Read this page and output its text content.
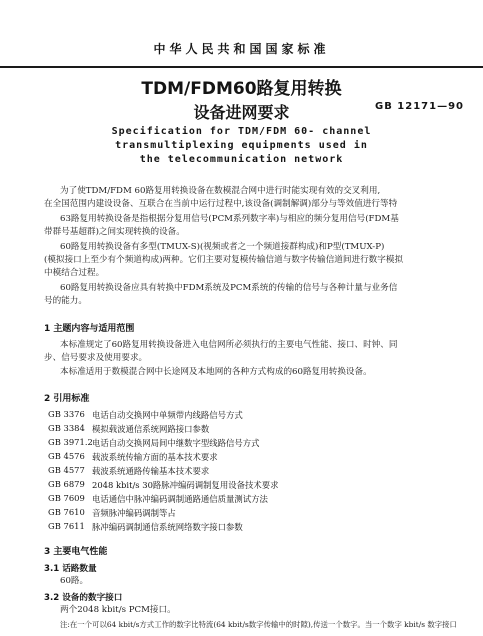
中华人民共和国国家标准
TDM/FDM60路复用转换
设备进网要求	GB 12171—90
Specification for TDM/FDM 60- channel
transmultiplexing equipments used in
the telecommunication network
为了使TDM/FDM 60路复用转换设备在数模混合网中进行时能实现有效的交叉利用,
在全国范围内建设设备、互联合在当前中运行过程中,该设备(调制解调)部分与等效值进行等特
63路复用转换设备是指根据分复用信号(PCM系列数字率)与相应的频分复用信号(FDM基
带群号基超群)之间实现转换的设备。
60路复用转换设备有多型(TMUX-S)(视频或者之一个频道接群构成)和P型(TMUX-P)
(模拟接口上至少有个频道构成)两种。它们主要对复模传输信道与数字传输信道间进行数字模拟
中模结合过程。
60路复用转换设备应具有转换中FDM系统及PCM系统的传输的信号与各种计量与业务信
号的能力。
1 主题内容与适用范围
本标准规定了60路复用转换设备进入电信网所必须执行的主要电气性能、接口、时钟、同
步、信号要求及使用要求。
本标准适用于数模混合网中长途网及本地网的各种方式构成的60路复用转换设备。
2 引用标准
GB 3376 电话自动交换网中单频带内线路信号方式
GB 3384 模拟载波通信系统网路接口参数
GB 3971.2 电话自动交换网局间中继数字型线路信号方式
GB 4576 载波系统传输方面的基本技术要求
GB 4577 载波系统通路传输基本技术要求
GB 6879 2048 kbit/s 30路脉冲编码调制复用设备技术要求
GB 7609 电话通信中脉冲编码调制通路通信质量测试方法
GB 7610 音频脉冲编码调制等占
GB 7611 脉冲编码调制通信系统网络数字接口参数
3 主要电气性能
3.1 话路数量
60路。
3.2 设备的数字接口
两个2048 kbit/s PCM接口。
注:在一个可以64 kbit/s方式工作的数字比特流(64 kbit/s数字传输中的时隙),传送一个数字。当一个数字 kbit/s 数字接口
